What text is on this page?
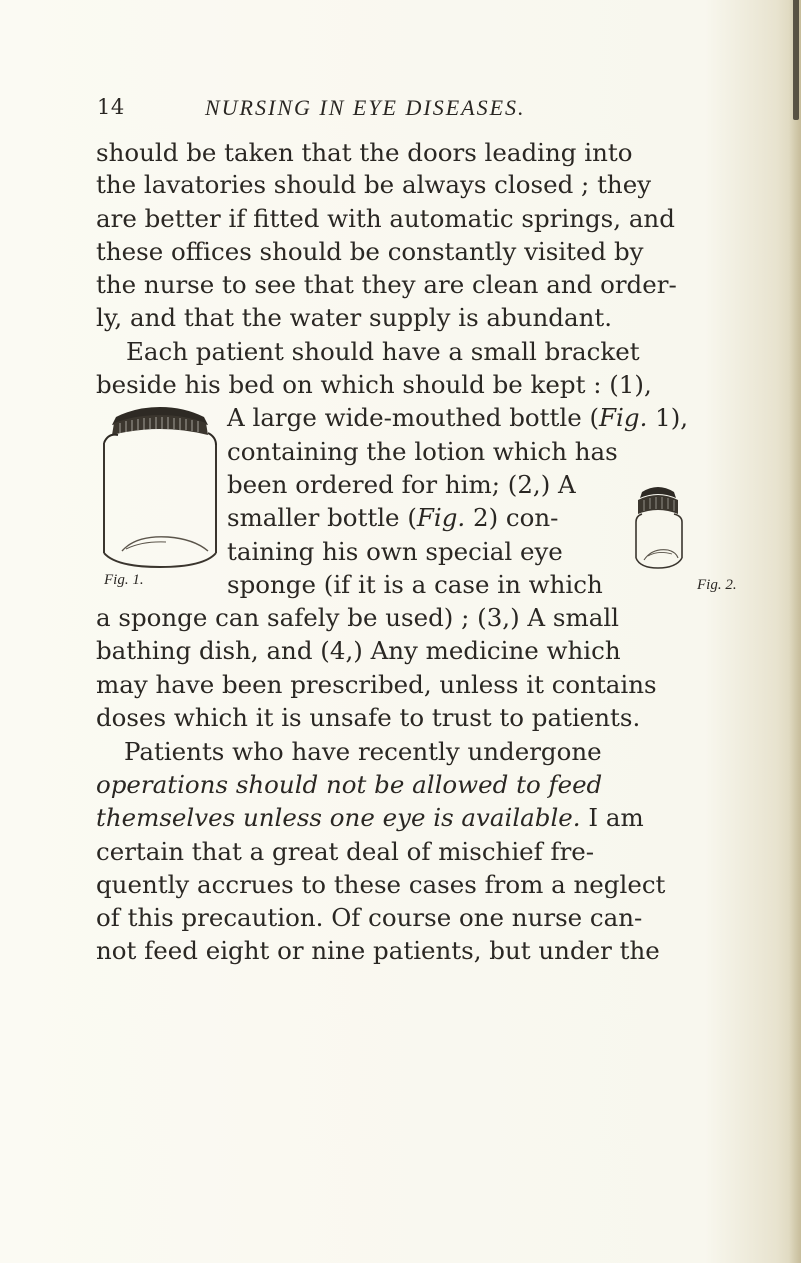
14	NURSING IN EYE DISEASES.
should be taken that the doors leading into
the lavatories should be always closed ; they
are better if fitted with automatic springs, and
these offices should be constantly visited by
the nurse to see that they are clean and order-
ly, and that the water supply is abundant.
Each patient should have a small bracket
beside his bed on which should be kept : (1),
A large wide-mouthed bottle (Fig. 1),
containing the lotion which has
been ordered for him; (2,) A
smaller bottle (Fig. 2) con-
taining his own special eye
sponge (if it is a case in which
a sponge can safely be used) ; (3,) A small
bathing dish, and (4,) Any medicine which
may have been prescribed, unless it contains
doses which it is unsafe to trust to patients.
Patients who have recently undergone
operations should not be allowed to feed
themselves unless one eye is available. I am
certain that a great deal of mischief fre-
quently accrues to these cases from a neglect
of this precaution. Of course one nurse can-
not feed eight or nine patients, but under the
Fig. 1.	Fig. 2.
